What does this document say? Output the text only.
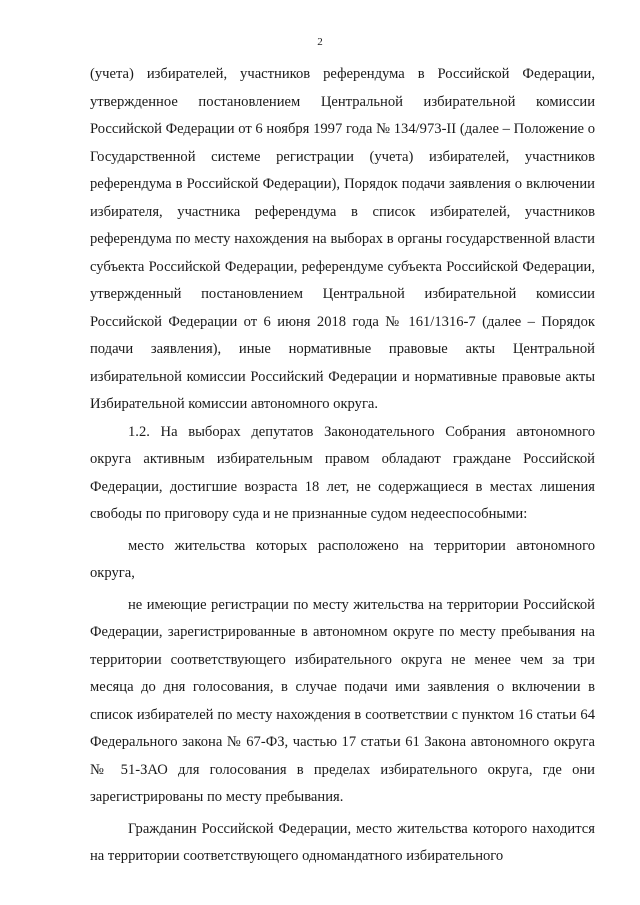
2

(учета) избирателей, участников референдума в Российской Федерации, утвержденное постановлением Центральной избирательной комиссии Российской Федерации от 6 ноября 1997 года № 134/973-II (далее – Положение о Государственной системе регистрации (учета) избирателей, участников референдума в Российской Федерации), Порядок подачи заявления о включении избирателя, участника референдума в список избирателей, участников референдума по месту нахождения на выборах в органы государственной власти субъекта Российской Федерации, референдуме субъекта Российской Федерации, утвержденный постановлением Центральной избирательной комиссии Российской Федерации от 6 июня 2018 года № 161/1316-7 (далее – Порядок подачи заявления), иные нормативные правовые акты Центральной избирательной комиссии Российский Федерации и нормативные правовые акты Избирательной комиссии автономного округа.

1.2. На выборах депутатов Законодательного Собрания автономного округа активным избирательным правом обладают граждане Российской Федерации, достигшие возраста 18 лет, не содержащиеся в местах лишения свободы по приговору суда и не признанные судом недееспособными:

место жительства которых расположено на территории автономного округа,

не имеющие регистрации по месту жительства на территории Российской Федерации, зарегистрированные в автономном округе по месту пребывания на территории соответствующего избирательного округа не менее чем за три месяца до дня голосования, в случае подачи ими заявления о включении в список избирателей по месту нахождения в соответствии с пунктом 16 статьи 64 Федерального закона № 67-ФЗ, частью 17 статьи 61 Закона автономного округа № 51-ЗАО для голосования в пределах избирательного округа, где они зарегистрированы по месту пребывания.

Гражданин Российской Федерации, место жительства которого находится на территории соответствующего одномандатного избирательного
